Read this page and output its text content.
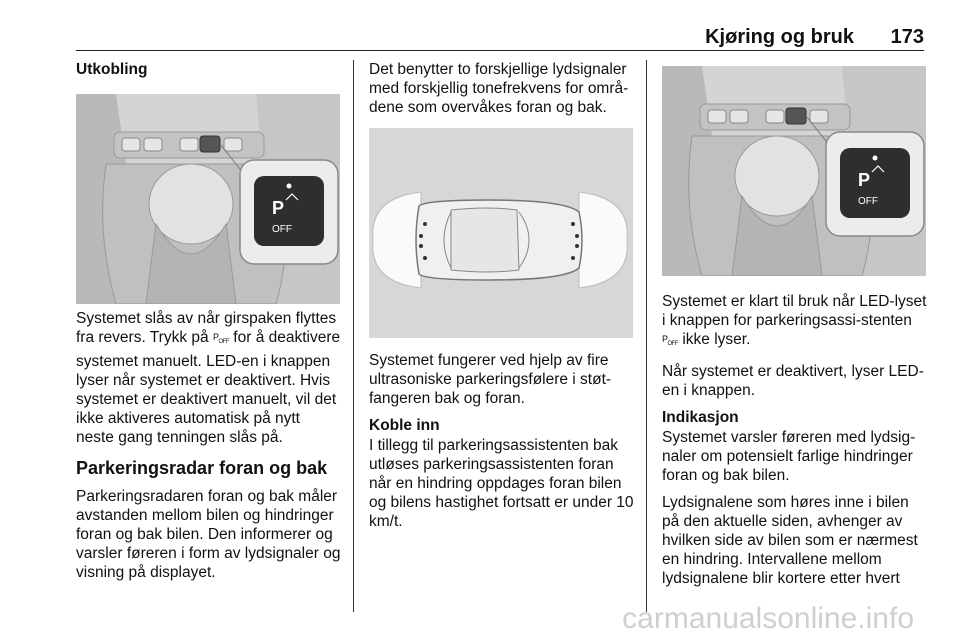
Kjøring og bruk 173
Utkobling

Systemet slås av når girspaken flyttes fra revers. Trykk på $P_{OFF}$ for å deaktivere systemet manuelt. LED-en i knappen lyser når systemet er deaktivert. Hvis systemet er deaktivert manuelt, vil det ikke aktiveres automatisk på nytt neste gang tenningen slås på.

Parkeringsradar foran og bak

Parkeringsradaren foran og bak måler avstanden mellom bilen og hindringer foran og bak bilen. Den informerer og varsler føreren i form av lydsignaler og visning på displayet.

Det benytter to forskjellige lydsignaler med forskjellig tonefrekvens for områ-dene som overvåkes foran og bak.

Systemet fungerer ved hjelp av fire ultrasoniske parkeringsfølere i støt-fangeren bak og foran.

Koble inn

I tillegg til parkeringsassistenten bak utløses parkeringsassistenten foran når en hindring oppdages foran bilen og bilens hastighet fortsatt er under 10 km/t.

Systemet er klart til bruk når LED-lyset i knappen for parkeringsassi-stenten $P_{OFF}$ ikke lyser.

Når systemet er deaktivert, lyser LED-en i knappen.

Indikasjon

Systemet varsler føreren med lydsig-naler om potensielt farlige hindringer foran og bak bilen.

Lydsignalene som høres inne i bilen på den aktuelle siden, avhenger av hvilken side av bilen som er nærmest en hindring. Intervallene mellom lydsignalene blir kortere etter hvert

P
OFF
P
OFF
carmanualsonline.info
